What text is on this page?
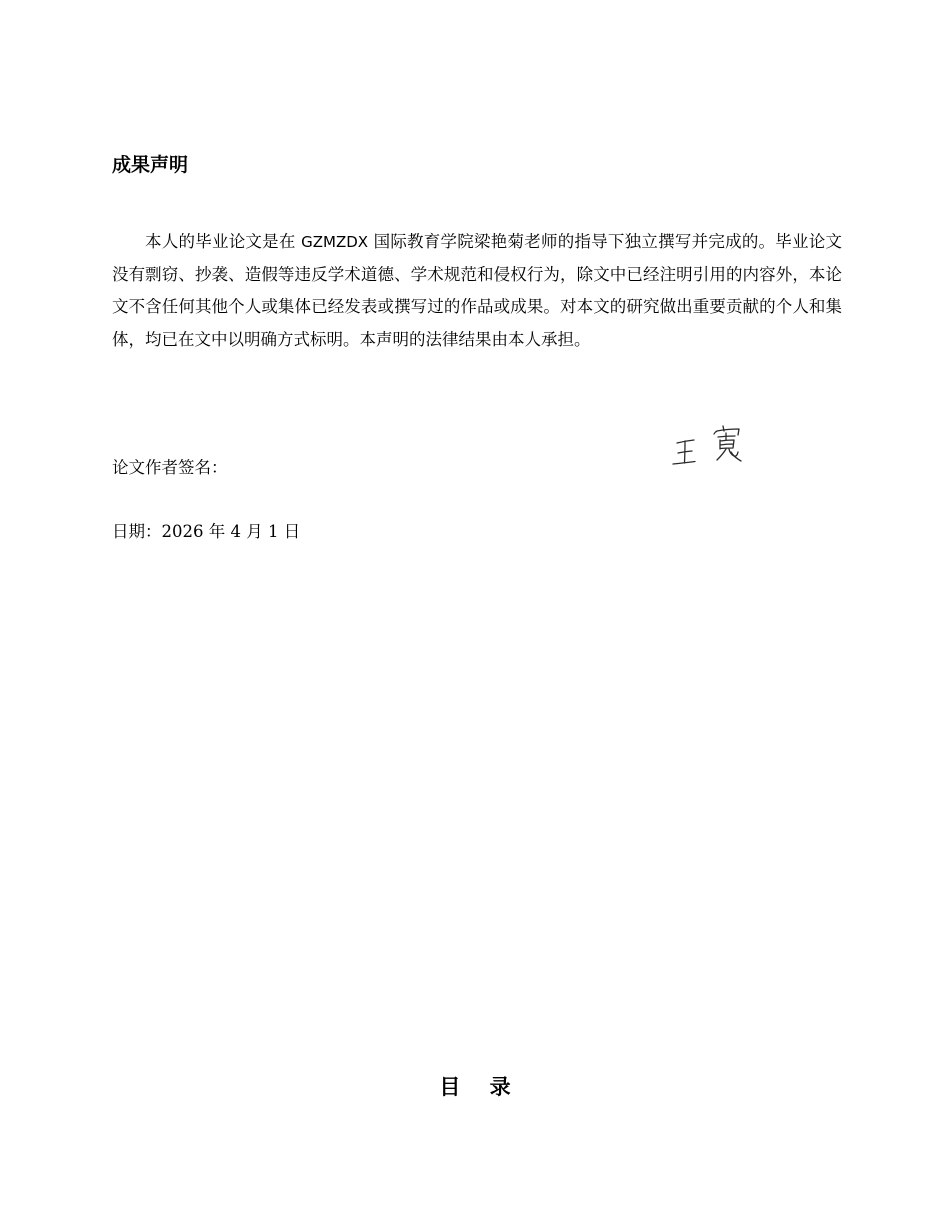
成果声明

本人的毕业论文是在 GZMZDX 国际教育学院梁艳菊老师的指导下独立撰写并完成的。毕业论文没有剽窃、抄袭、造假等违反学术道德、学术规范和侵权行为，除文中已经注明引用的内容外，本论文不含任何其他个人或集体已经发表或撰写过的作品或成果。对本文的研究做出重要贡献的个人和集体，均已在文中以明确方式标明。本声明的法律结果由本人承担。

论文作者签名：
日期：2026 年 4 月 1 日
目    录
